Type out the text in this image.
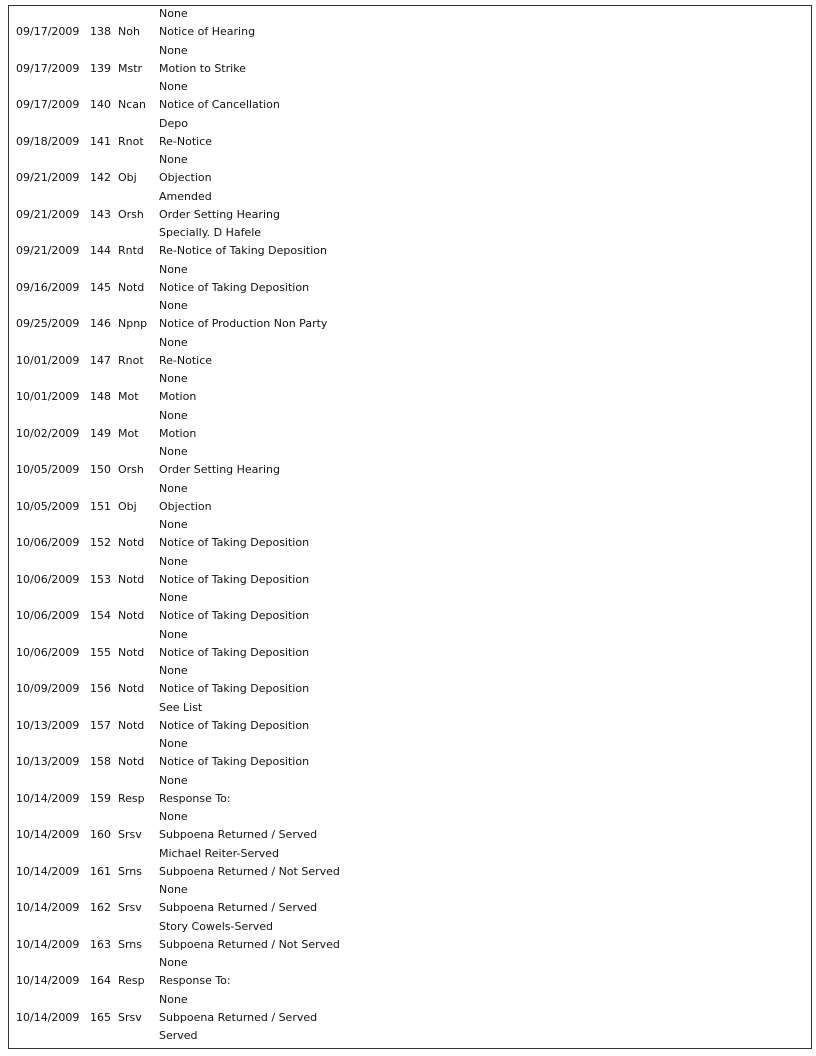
None
09/17/2009 138 Noh Notice of Hearing
None
09/17/2009 139 Mstr Motion to Strike
None
09/17/2009 140 Ncan Notice of Cancellation
Depo
09/18/2009 141 Rnot Re-Notice
None
09/21/2009 142 Obj Objection
Amended
09/21/2009 143 Orsh Order Setting Hearing
Specially. D Hafele
09/21/2009 144 Rntd Re-Notice of Taking Deposition
None
09/16/2009 145 Notd Notice of Taking Deposition
None
09/25/2009 146 Npnp Notice of Production Non Party
None
10/01/2009 147 Rnot Re-Notice
None
10/01/2009 148 Mot Motion
None
10/02/2009 149 Mot Motion
None
10/05/2009 150 Orsh Order Setting Hearing
None
10/05/2009 151 Obj Objection
None
10/06/2009 152 Notd Notice of Taking Deposition
None
10/06/2009 153 Notd Notice of Taking Deposition
None
10/06/2009 154 Notd Notice of Taking Deposition
None
10/06/2009 155 Notd Notice of Taking Deposition
None
10/09/2009 156 Notd Notice of Taking Deposition
See List
10/13/2009 157 Notd Notice of Taking Deposition
None
10/13/2009 158 Notd Notice of Taking Deposition
None
10/14/2009 159 Resp Response To:
None
10/14/2009 160 Srsv Subpoena Returned / Served
Michael Reiter-Served
10/14/2009 161 Srns Subpoena Returned / Not Served
None
10/14/2009 162 Srsv Subpoena Returned / Served
Story Cowels-Served
10/14/2009 163 Srns Subpoena Returned / Not Served
None
10/14/2009 164 Resp Response To:
None
10/14/2009 165 Srsv Subpoena Returned / Served
Served
